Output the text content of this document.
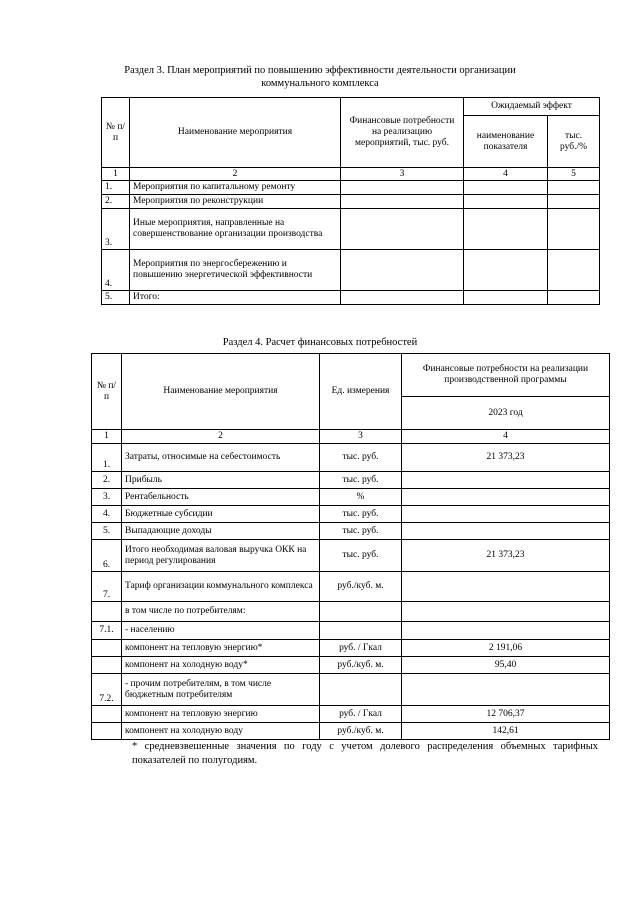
Раздел 3. План мероприятий по повышению эффективности деятельности организации
коммунального комплекса
№ п/п	Наименование мероприятия	Финансовые потребности на реализацию мероприятий, тыс. руб.	Ожидаемый эффект	
			наименование показателя	тыс. руб./%
1	2	3	4	5
1.	Мероприятия по капитальному ремонту			
2.	Мероприятия по реконструкции			
3.	Иные мероприятия, направленные на совершенствование организации производства			
4.	Мероприятия по энергосбережению и повышению энергетической эффективности			
5.	Итого:			
Раздел 4. Расчет финансовых потребностей
№ п/п	Наименование мероприятия	Ед. измерения	Финансовые потребности на реализации производственной программы
			2023 год
1	2	3	4
1.	Затраты, относимые на себестоимость	тыс. руб.	21 373,23
2.	Прибыль	тыс. руб.	
3.	Рентабельность	%	
4.	Бюджетные субсидии	тыс. руб.	
5.	Выпадающие доходы	тыс. руб.	
6.	Итого необходимая валовая выручка ОКК на период регулирования	тыс. руб.	21 373,23
7.	Тариф организации коммунального комплекса	руб./куб. м.	
	в том числе по потребителям:		
7.1.	- населению		
	компонент на тепловую энергию*	руб. / Гкал	2 191,06
	компонент на холодную воду*	руб./куб. м.	95,40
7.2.	- прочим потребителям, в том числе бюджетным потребителям		
	компонент на тепловую энергию	руб. / Гкал	12 706,37
	компонент на холодную воду	руб./куб. м.	142,61
* средневзвешенные значения по году с учетом долевого распределения объемных тарифных показателей по полугодиям.
